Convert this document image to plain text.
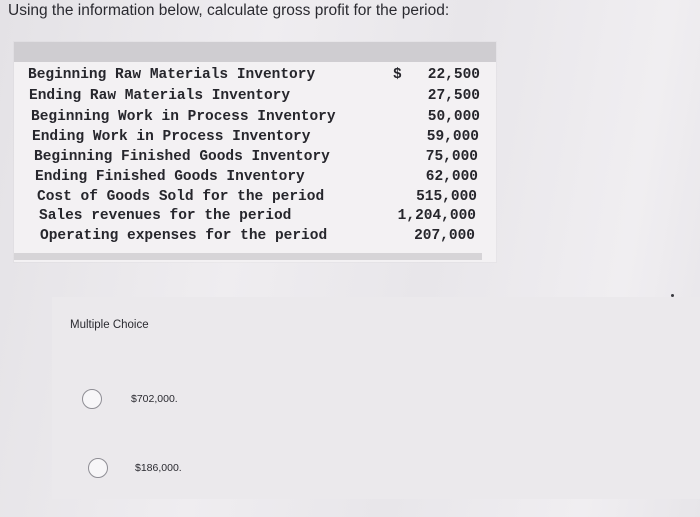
Using the information below, calculate gross profit for the period:
Beginning Raw Materials Inventory	$ 22,500
Ending Raw Materials Inventory	27,500
Beginning Work in Process Inventory	50,000
Ending Work in Process Inventory	59,000
Beginning Finished Goods Inventory	75,000
Ending Finished Goods Inventory	62,000
Cost of Goods Sold for the period	515,000
Sales revenues for the period	1,204,000
Operating expenses for the period	207,000
Multiple Choice
$702,000.
$186,000.
